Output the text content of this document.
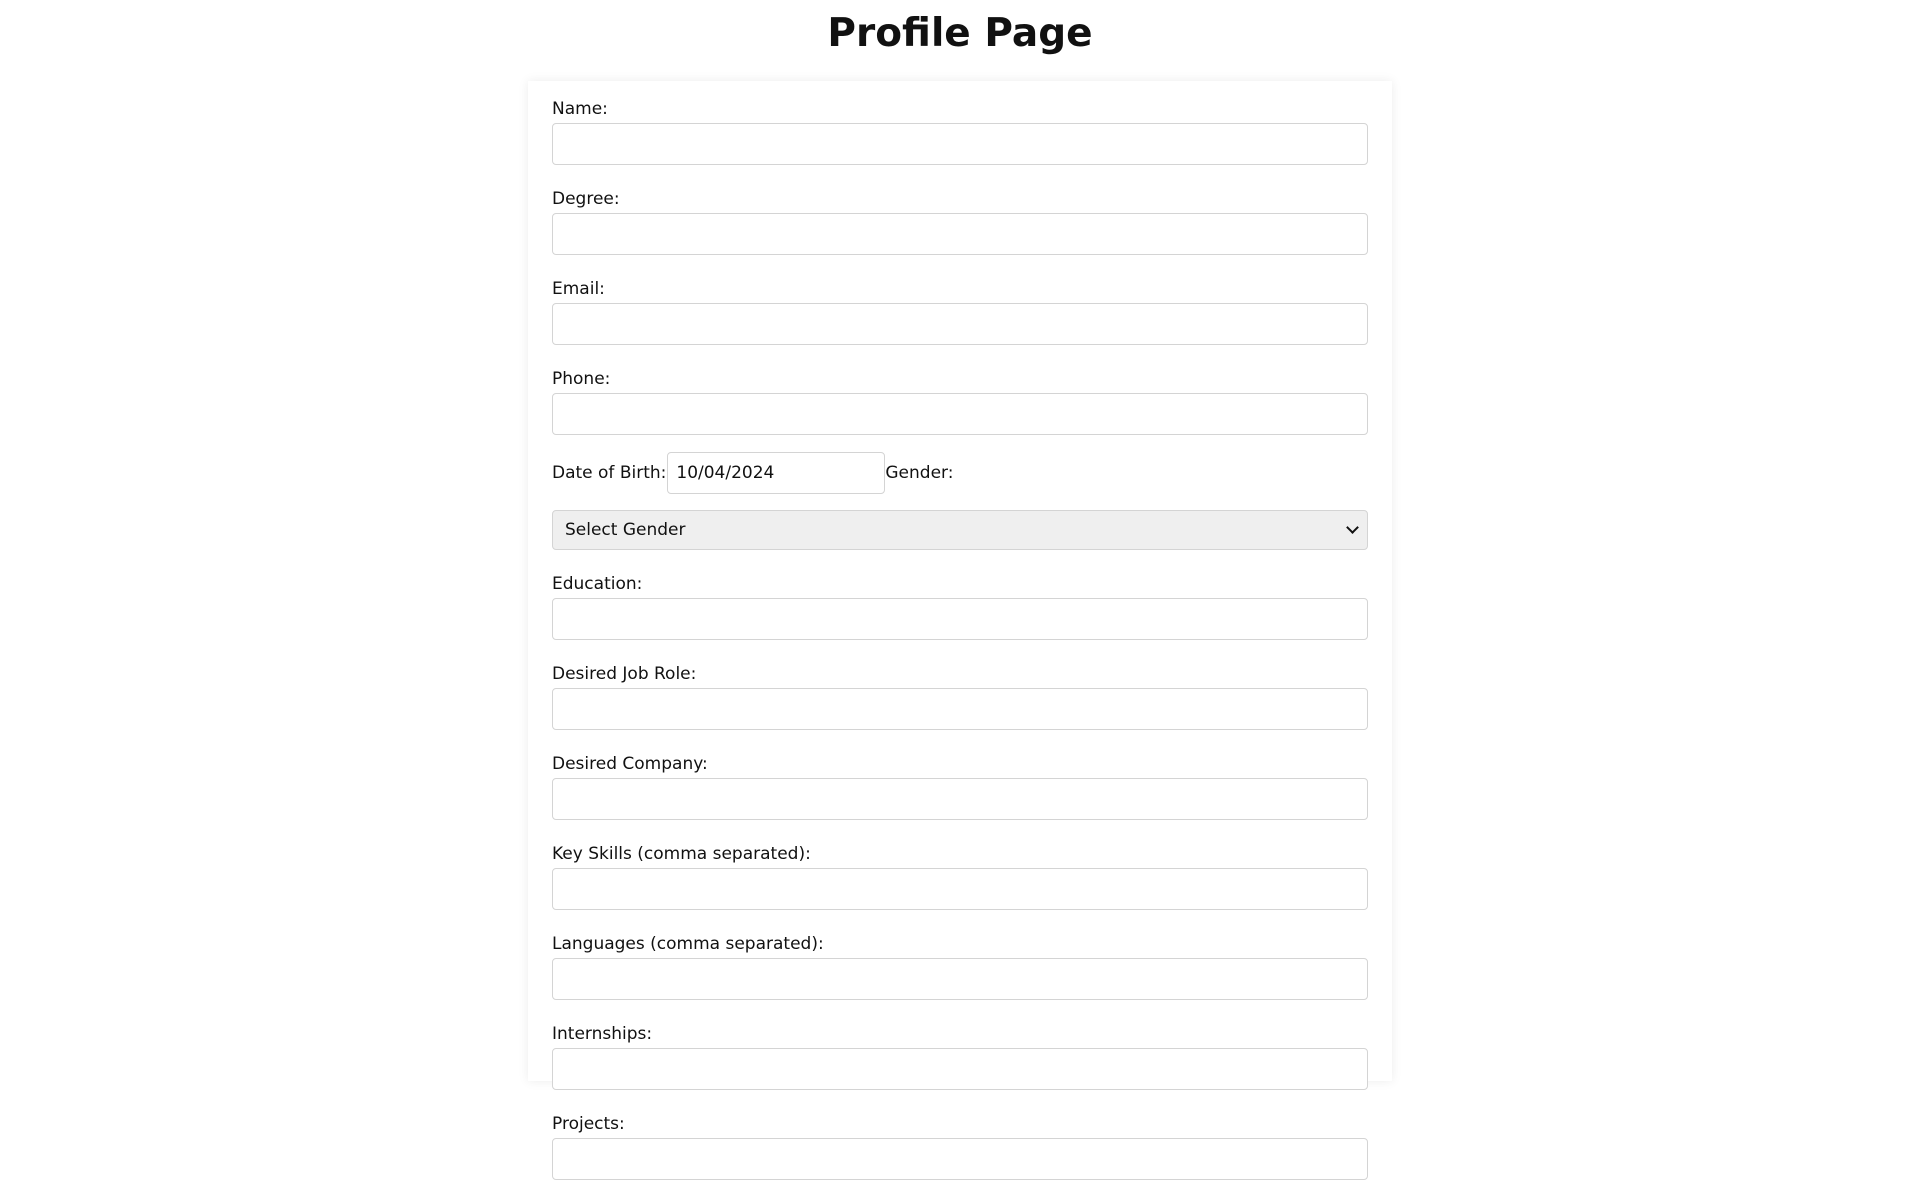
Profile Page
Name:
Degree:
Email:
Phone:
Date of Birth: 10/04/2024	Gender:
Select Gender
Education:
Desired Job Role:
Desired Company:
Key Skills (comma separated):
Languages (comma separated):
Internships:
Projects:
